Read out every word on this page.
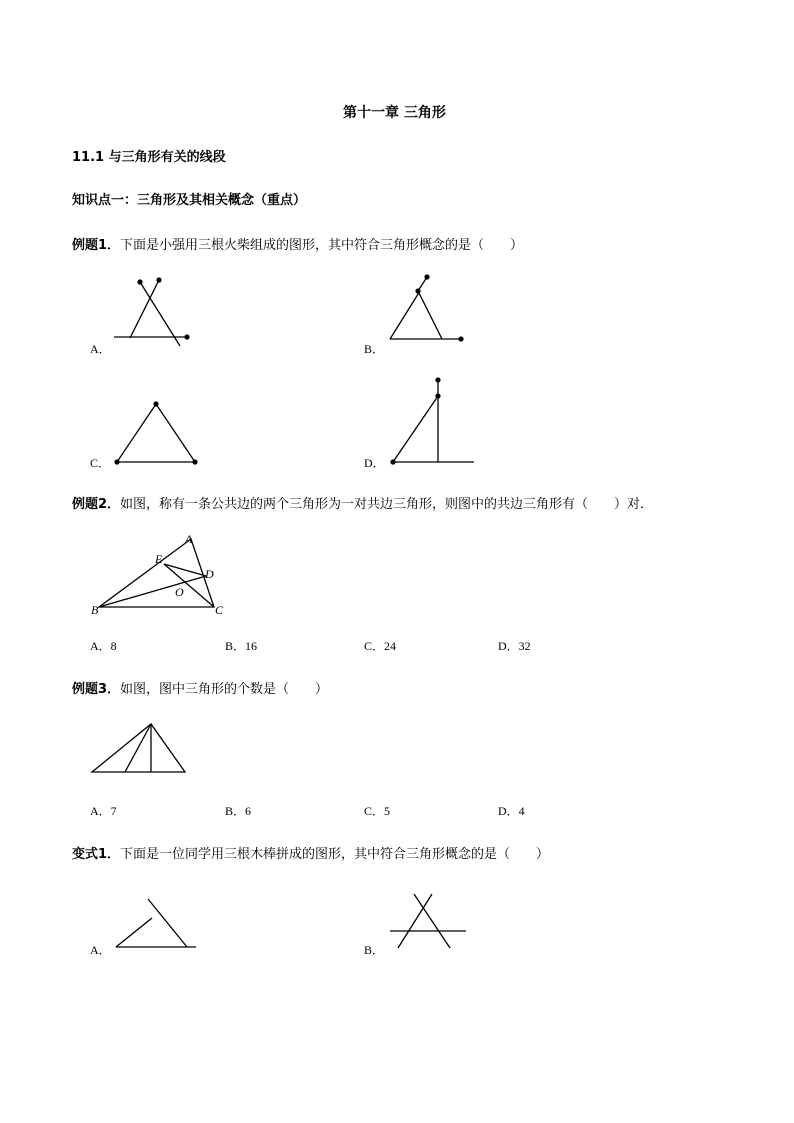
第十一章 三角形
11.1 与三角形有关的线段
知识点一：三角形及其相关概念（重点）
例题1．下面是小强用三根火柴组成的图形，其中符合三角形概念的是（　　）
A．	B．
C．	D．
例题2．如图，称有一条公共边的两个三角形为一对共边三角形，则图中的共边三角形有（　　）对．
A
B	C
D
E
O
A．8	B．16	C．24	D．32
例题3．如图，图中三角形的个数是（　　）
A．7	B．6	C．5	D．4
变式1．下面是一位同学用三根木棒拼成的图形，其中符合三角形概念的是（　　）
A．	B．
